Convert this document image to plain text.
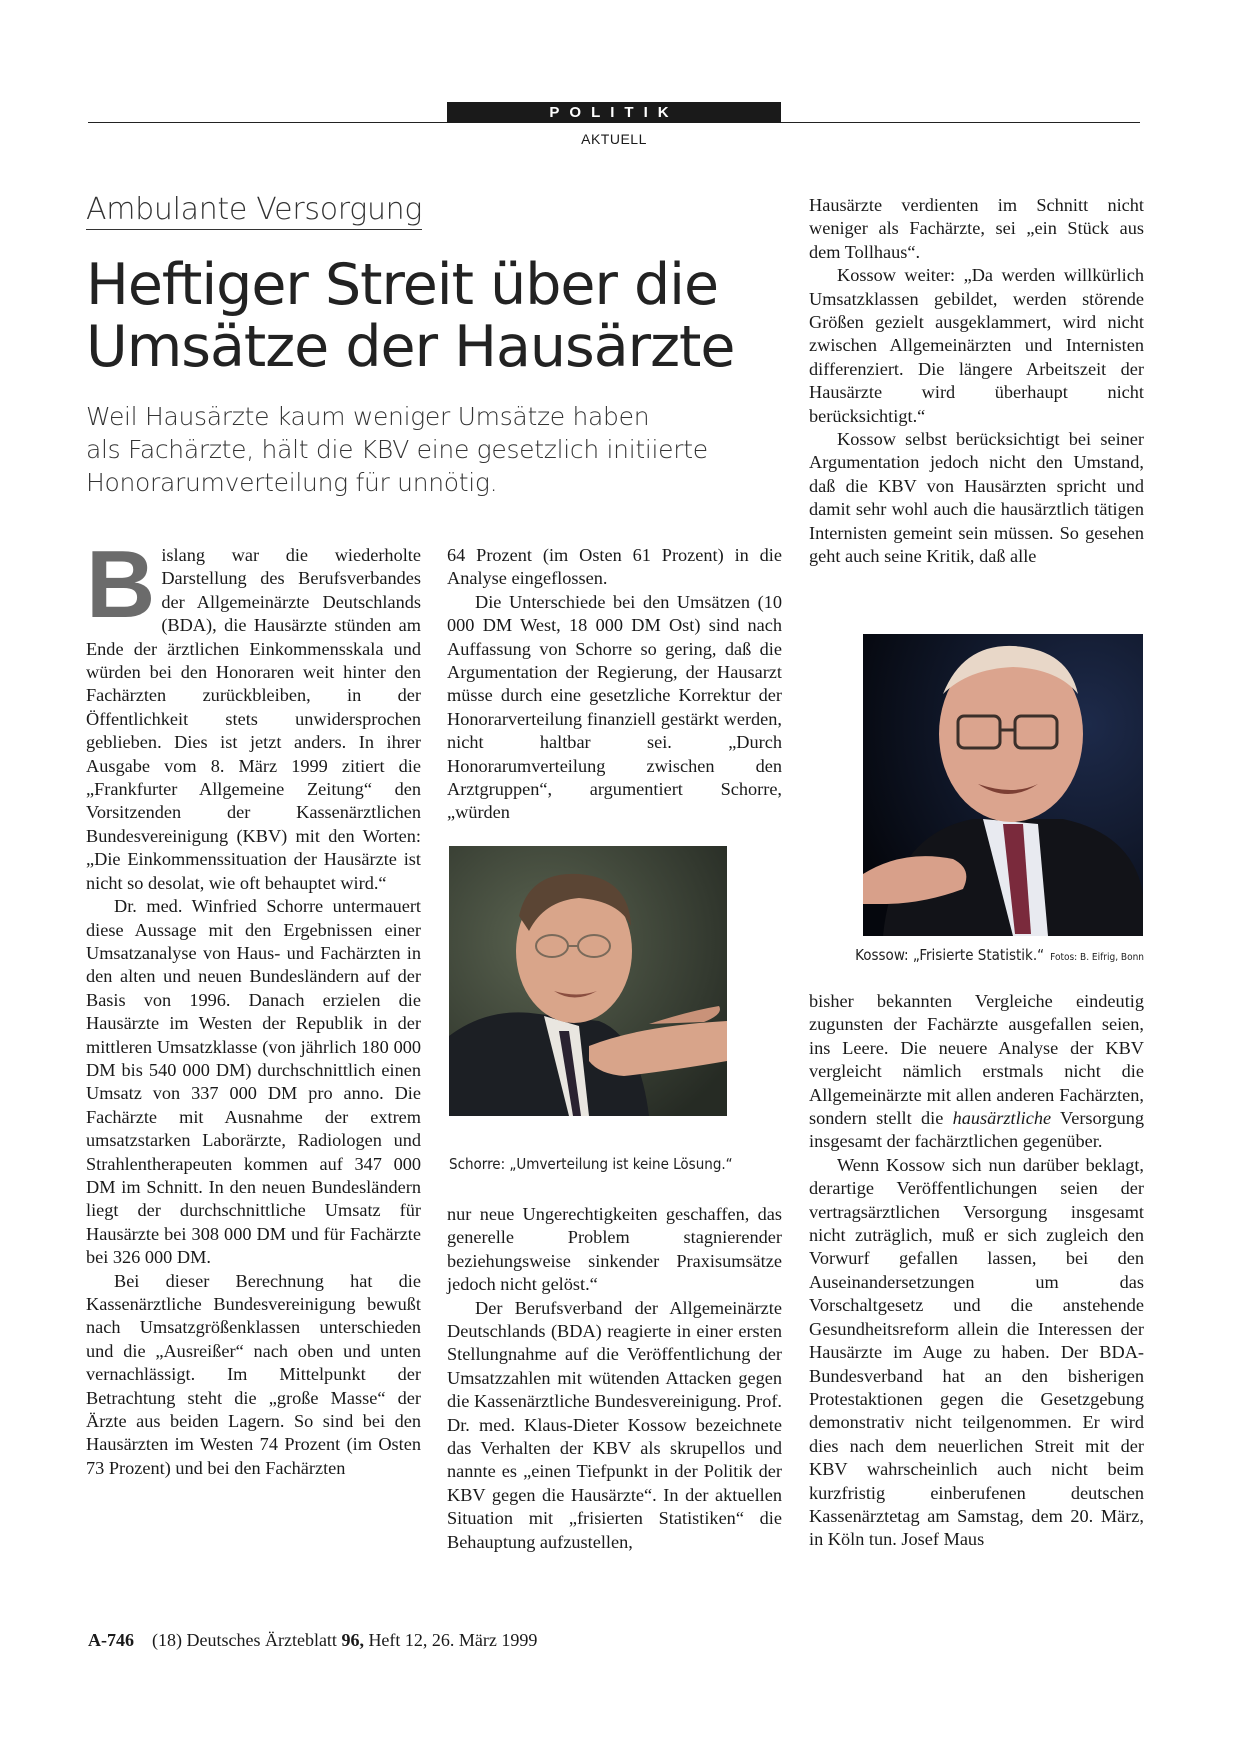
POLITIK
AKTUELL
Ambulante Versorgung
Heftiger Streit über die
Umsätze der Hausärzte
Weil Hausärzte kaum weniger Umsätze haben
als Fachärzte, hält die KBV eine gesetzlich initiierte
Honorarumverteilung für unnötig.

Bislang war die wiederholte Darstellung des Berufsverbandes der Allgemeinärzte Deutschlands (BDA), die Hausärzte stünden am Ende der ärztlichen Einkommensskala und würden bei den Honoraren weit hinter den Fachärzten zurückbleiben, in der Öffentlichkeit stets unwidersprochen geblieben. Dies ist jetzt anders. In ihrer Ausgabe vom 8. März 1999 zitiert die „Frankfurter Allgemeine Zeitung“ den Vorsitzenden der Kassenärztlichen Bundesvereinigung (KBV) mit den Worten: „Die Einkommenssituation der Hausärzte ist nicht so desolat, wie oft behauptet wird.“

Dr. med. Winfried Schorre untermauert diese Aussage mit den Ergebnissen einer Umsatzanalyse von Haus- und Fachärzten in den alten und neuen Bundesländern auf der Basis von 1996. Danach erzielen die Hausärzte im Westen der Republik in der mittleren Umsatzklasse (von jährlich 180 000 DM bis 540 000 DM) durchschnittlich einen Umsatz von 337 000 DM pro anno. Die Fachärzte mit Ausnahme der extrem umsatzstarken Laborärzte, Radiologen und Strahlentherapeuten kommen auf 347 000 DM im Schnitt. In den neuen Bundesländern liegt der durchschnittliche Umsatz für Hausärzte bei 308 000 DM und für Fachärzte bei 326 000 DM.

Bei dieser Berechnung hat die Kassenärztliche Bundesvereinigung bewußt nach Umsatzgrößenklassen unterschieden und die „Ausreißer“ nach oben und unten vernachlässigt. Im Mittelpunkt der Betrachtung steht die „große Masse“ der Ärzte aus beiden Lagern. So sind bei den Hausärzten im Westen 74 Prozent (im Osten 73 Prozent) und bei den Fachärzten

64 Prozent (im Osten 61 Prozent) in die Analyse eingeflossen.

Die Unterschiede bei den Umsätzen (10 000 DM West, 18 000 DM Ost) sind nach Auffassung von Schorre so gering, daß die Argumentation der Regierung, der Hausarzt müsse durch eine gesetzliche Korrektur der Honorarverteilung finanziell gestärkt werden, nicht haltbar sei. „Durch Honorarumverteilung zwischen den Arztgruppen“, argumentiert Schorre, „würden

Schorre: „Umverteilung ist keine Lösung.“

nur neue Ungerechtigkeiten geschaffen, das generelle Problem stagnierender beziehungsweise sinkender Praxisumsätze jedoch nicht gelöst.“

Der Berufsverband der Allgemeinärzte Deutschlands (BDA) reagierte in einer ersten Stellungnahme auf die Veröffentlichung der Umsatzzahlen mit wütenden Attacken gegen die Kassenärztliche Bundesvereinigung. Prof. Dr. med. Klaus-Dieter Kossow bezeichnete das Verhalten der KBV als skrupellos und nannte es „einen Tiefpunkt in der Politik der KBV gegen die Hausärzte“. In der aktuellen Situation mit „frisierten Statistiken“ die Behauptung aufzustellen,

Hausärzte verdienten im Schnitt nicht weniger als Fachärzte, sei „ein Stück aus dem Tollhaus“.

Kossow weiter: „Da werden willkürlich Umsatzklassen gebildet, werden störende Größen gezielt ausgeklammert, wird nicht zwischen Allgemeinärzten und Internisten differenziert. Die längere Arbeitszeit der Hausärzte wird überhaupt nicht berücksichtigt.“

Kossow selbst berücksichtigt bei seiner Argumentation jedoch nicht den Umstand, daß die KBV von Hausärzten spricht und damit sehr wohl auch die hausärztlich tätigen Internisten gemeint sein müssen. So gesehen geht auch seine Kritik, daß alle

Kossow: „Frisierte Statistik.“ Fotos: B. Eifrig, Bonn

bisher bekannten Vergleiche eindeutig zugunsten der Fachärzte ausgefallen seien, ins Leere. Die neuere Analyse der KBV vergleicht nämlich erstmals nicht die Allgemeinärzte mit allen anderen Fachärzten, sondern stellt die hausärztliche Versorgung insgesamt der fachärztlichen gegenüber.

Wenn Kossow sich nun darüber beklagt, derartige Veröffentlichungen seien der vertragsärztlichen Versorgung insgesamt nicht zuträglich, muß er sich zugleich den Vorwurf gefallen lassen, bei den Auseinandersetzungen um das Vorschaltgesetz und die anstehende Gesundheitsreform allein die Interessen der Hausärzte im Auge zu haben. Der BDA-Bundesverband hat an den bisherigen Protestaktionen gegen die Gesetzgebung demonstrativ nicht teilgenommen. Er wird dies nach dem neuerlichen Streit mit der KBV wahrscheinlich auch nicht beim kurzfristig einberufenen deutschen Kassenärztetag am Samstag, dem 20. März, in Köln tun. Josef Maus

A-746 (18) Deutsches Ärzteblatt 96, Heft 12, 26. März 1999
